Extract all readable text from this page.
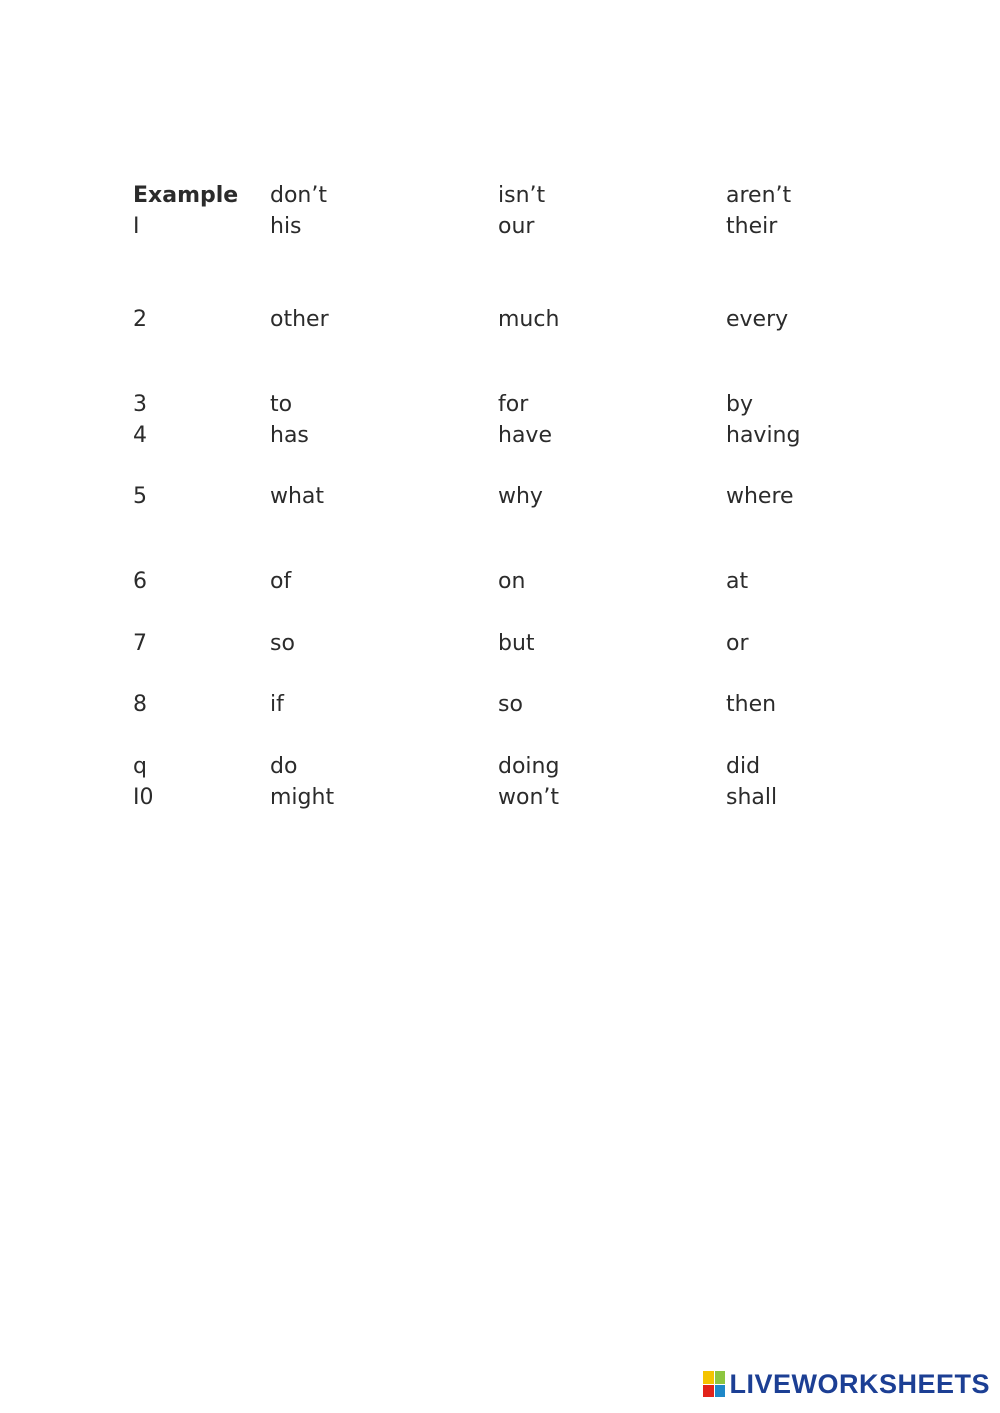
Example don’t	isn’t	aren’t
I	his	our	their
2	other	much	every
3	to	for	by
4	has	have	having
5	what	why	where
6	of	on	at
7	so	but	or
8	if	so	then
q	do	doing	did
I0	might	won’t	shall
LIVEWORKSHEETS
